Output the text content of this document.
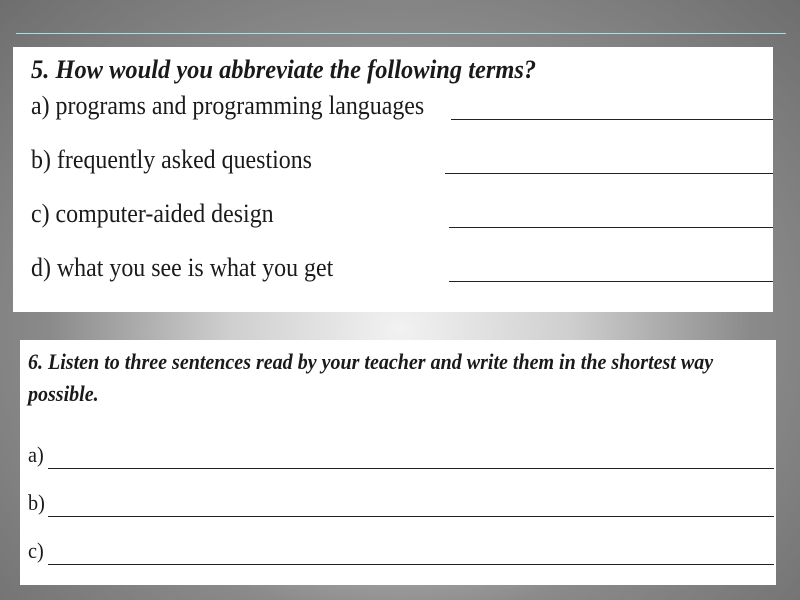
5. How would you abbreviate the following terms?
a) programs and programming languages
b) frequently asked questions
c) computer-aided design
d) what you see is what you get
6. Listen to three sentences read by your teacher and write them in the shortest way
possible.
a)
b)
c)
